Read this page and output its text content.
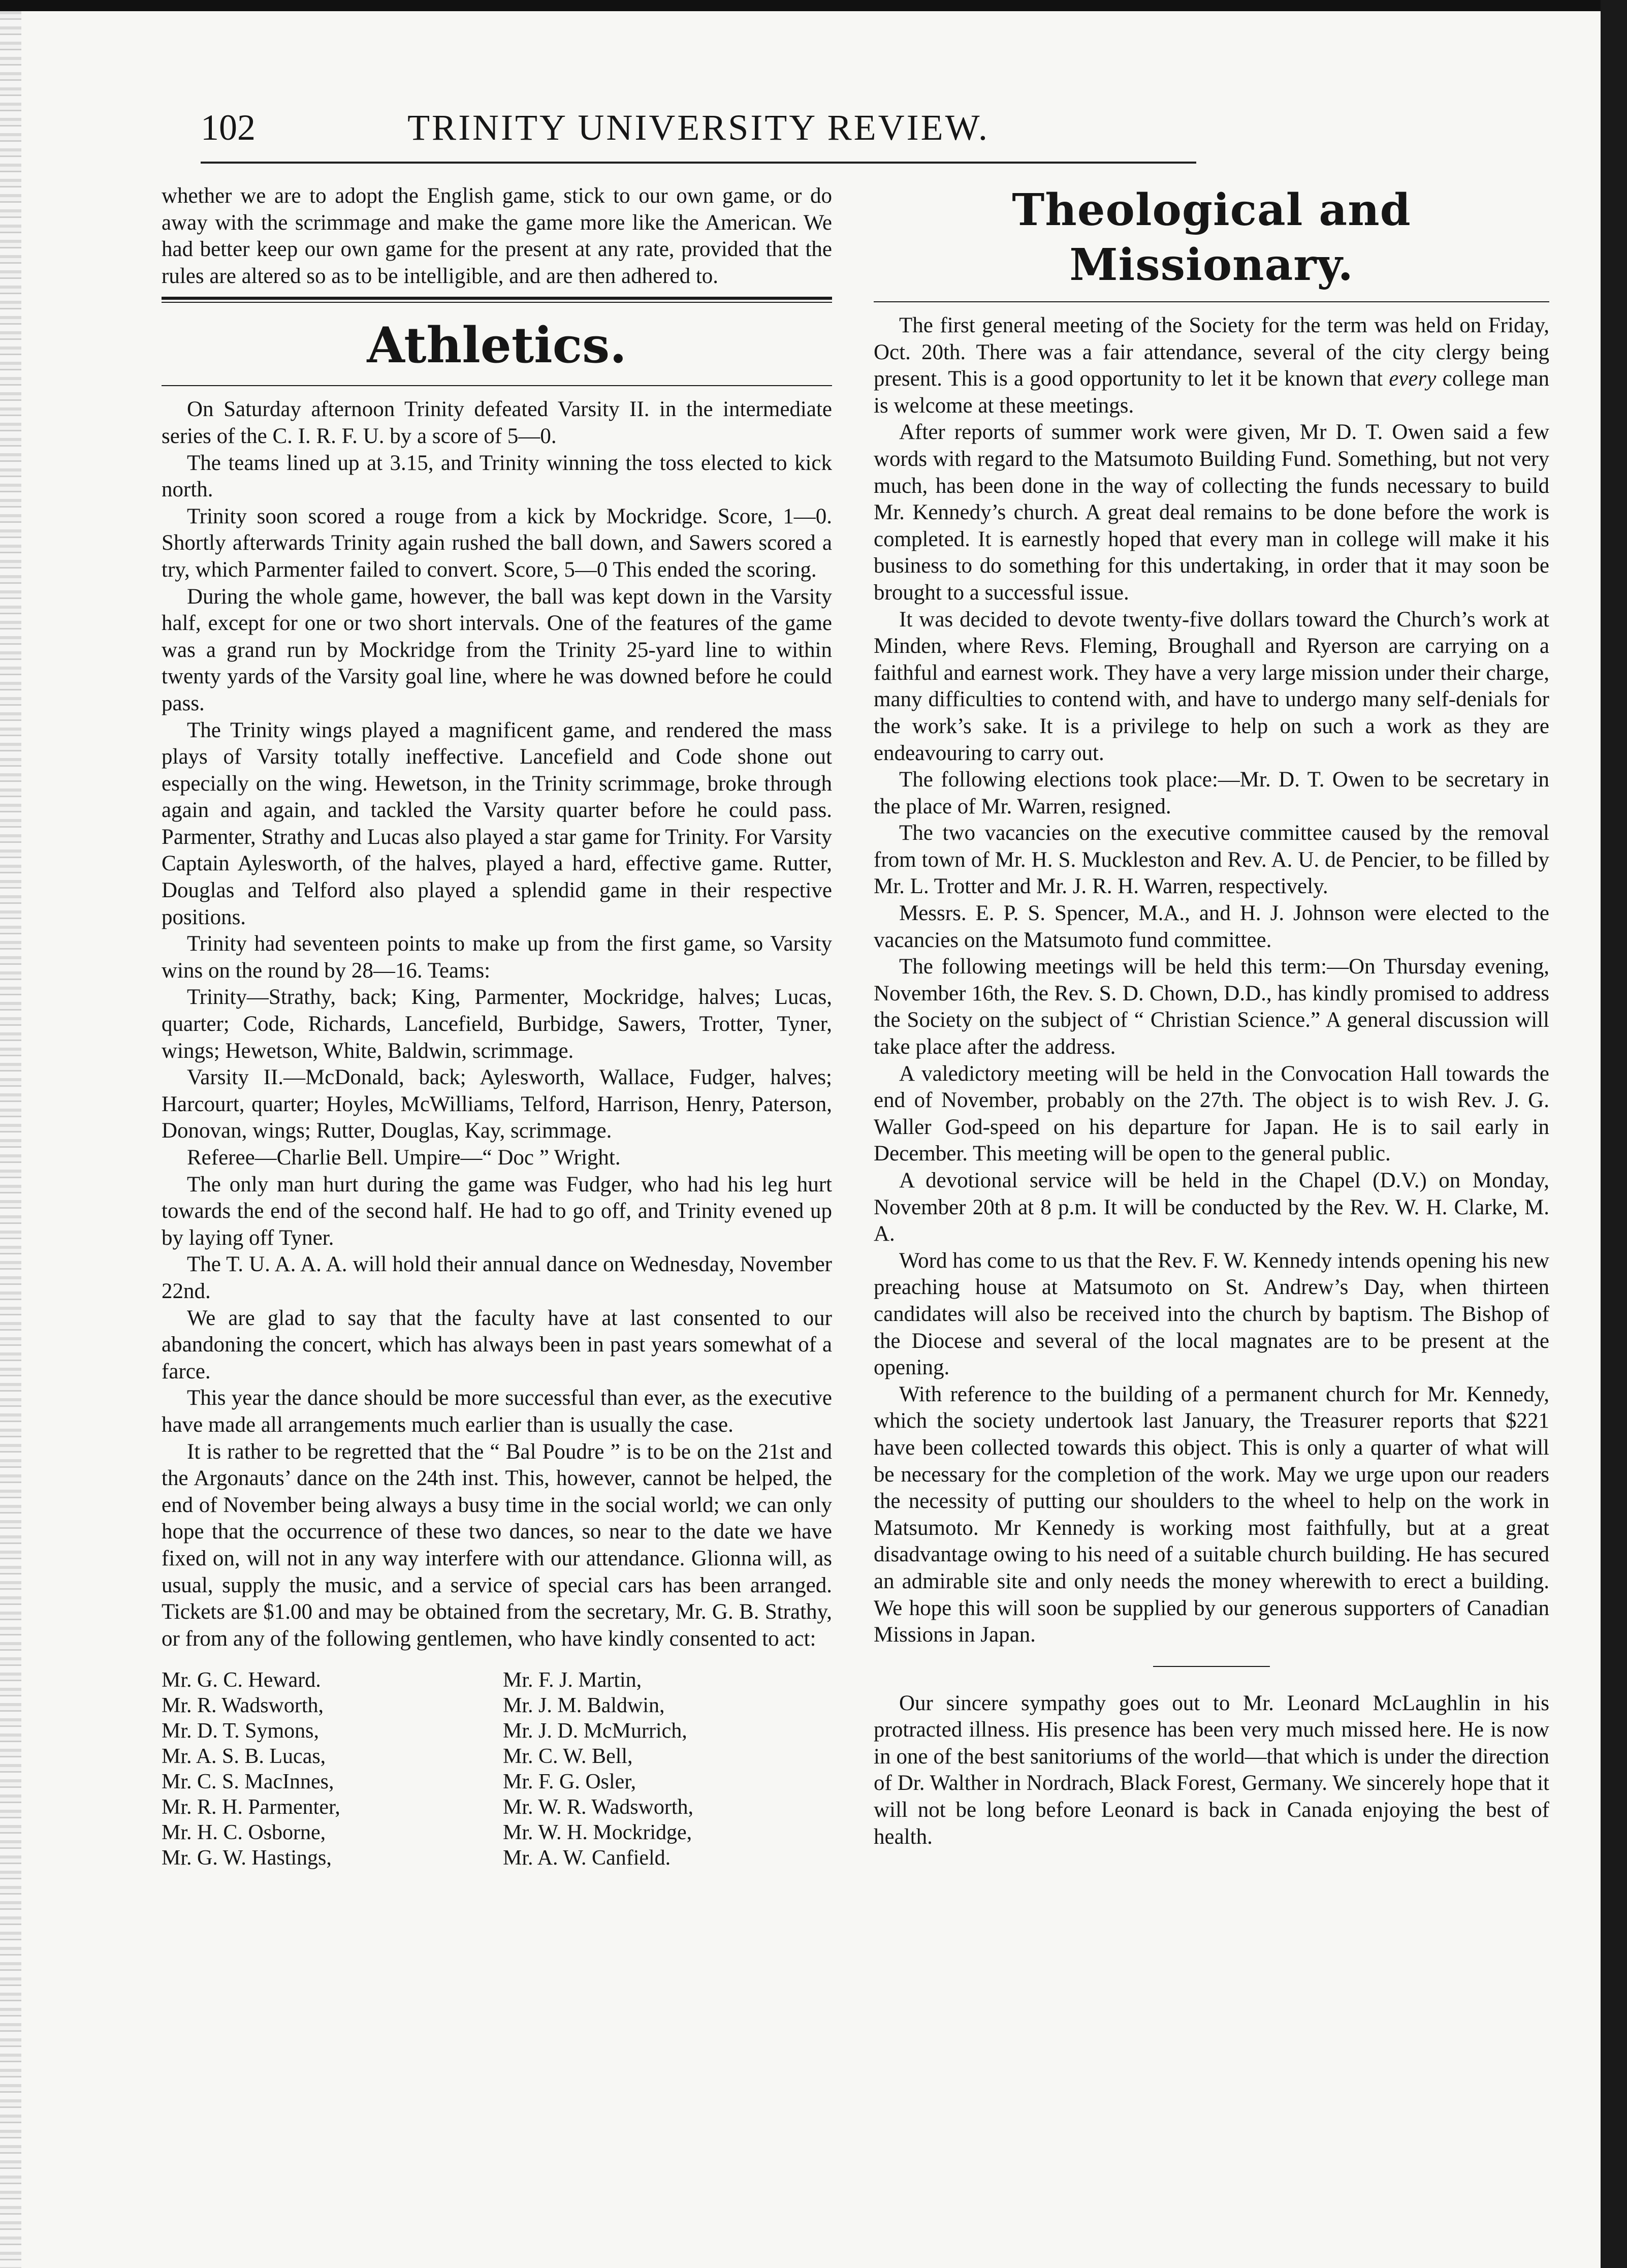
TRINITY UNIVERSITY REVIEW.
102

whether we are to adopt the English game, stick to our own game, or do away with the scrimmage and make the game more like the American. We had better keep our own game for the present at any rate, provided that the rules are altered so as to be intelligible, and are then adhered to.

Athletics.

On Saturday afternoon Trinity defeated Varsity II. in the intermediate series of the C. I. R. F. U. by a score of 5—0.

The teams lined up at 3.15, and Trinity winning the toss elected to kick north.

Trinity soon scored a rouge from a kick by Mockridge. Score, 1—0. Shortly afterwards Trinity again rushed the ball down, and Sawers scored a try, which Parmenter failed to convert. Score, 5—0 This ended the scoring.

During the whole game, however, the ball was kept down in the Varsity half, except for one or two short intervals. One of the features of the game was a grand run by Mockridge from the Trinity 25-yard line to within twenty yards of the Varsity goal line, where he was downed before he could pass.

The Trinity wings played a magnificent game, and rendered the mass plays of Varsity totally ineffective. Lancefield and Code shone out especially on the wing. Hewetson, in the Trinity scrimmage, broke through again and again, and tackled the Varsity quarter before he could pass. Parmenter, Strathy and Lucas also played a star game for Trinity. For Varsity Captain Aylesworth, of the halves, played a hard, effective game. Rutter, Douglas and Telford also played a splendid game in their respective positions.

Trinity had seventeen points to make up from the first game, so Varsity wins on the round by 28—16. Teams:

Trinity—Strathy, back; King, Parmenter, Mockridge, halves; Lucas, quarter; Code, Richards, Lancefield, Burbidge, Sawers, Trotter, Tyner, wings; Hewetson, White, Baldwin, scrimmage.

Varsity II.—McDonald, back; Aylesworth, Wallace, Fudger, halves; Harcourt, quarter; Hoyles, McWilliams, Telford, Harrison, Henry, Paterson, Donovan, wings; Rutter, Douglas, Kay, scrimmage.

Referee—Charlie Bell. Umpire—“ Doc ” Wright.

The only man hurt during the game was Fudger, who had his leg hurt towards the end of the second half. He had to go off, and Trinity evened up by laying off Tyner.

The T. U. A. A. A. will hold their annual dance on Wednesday, November 22nd.

We are glad to say that the faculty have at last consented to our abandoning the concert, which has always been in past years somewhat of a farce.

This year the dance should be more successful than ever, as the executive have made all arrangements much earlier than is usually the case.

It is rather to be regretted that the “ Bal Poudre ” is to be on the 21st and the Argonauts’ dance on the 24th inst. This, however, cannot be helped, the end of November being always a busy time in the social world; we can only hope that the occurrence of these two dances, so near to the date we have fixed on, will not in any way interfere with our attendance. Glionna will, as usual, supply the music, and a service of special cars has been arranged. Tickets are $1.00 and may be obtained from the secretary, Mr. G. B. Strathy, or from any of the following gentlemen, who have kindly consented to act:

Mr. G. C. Heward.	Mr. F. J. Martin,
Mr. R. Wadsworth,	Mr. J. M. Baldwin,
Mr. D. T. Symons,	Mr. J. D. McMurrich,
Mr. A. S. B. Lucas,	Mr. C. W. Bell,
Mr. C. S. MacInnes,	Mr. F. G. Osler,
Mr. R. H. Parmenter,	Mr. W. R. Wadsworth,
Mr. H. C. Osborne,	Mr. W. H. Mockridge,
Mr. G. W. Hastings,	Mr. A. W. Canfield.
Theological and Missionary.

The first general meeting of the Society for the term was held on Friday, Oct. 20th. There was a fair attendance, several of the city clergy being present. This is a good opportunity to let it be known that every college man is welcome at these meetings.

After reports of summer work were given, Mr D. T. Owen said a few words with regard to the Matsumoto Building Fund. Something, but not very much, has been done in the way of collecting the funds necessary to build Mr. Kennedy’s church. A great deal remains to be done before the work is completed. It is earnestly hoped that every man in college will make it his business to do something for this undertaking, in order that it may soon be brought to a successful issue.

It was decided to devote twenty-five dollars toward the Church’s work at Minden, where Revs. Fleming, Broughall and Ryerson are carrying on a faithful and earnest work. They have a very large mission under their charge, many difficulties to contend with, and have to undergo many self-denials for the work’s sake. It is a privilege to help on such a work as they are endeavouring to carry out.

The following elections took place:—Mr. D. T. Owen to be secretary in the place of Mr. Warren, resigned.

The two vacancies on the executive committee caused by the removal from town of Mr. H. S. Muckleston and Rev. A. U. de Pencier, to be filled by Mr. L. Trotter and Mr. J. R. H. Warren, respectively.

Messrs. E. P. S. Spencer, M.A., and H. J. Johnson were elected to the vacancies on the Matsumoto fund committee.

The following meetings will be held this term:—On Thursday evening, November 16th, the Rev. S. D. Chown, D.D., has kindly promised to address the Society on the subject of “ Christian Science.” A general discussion will take place after the address.

A valedictory meeting will be held in the Convocation Hall towards the end of November, probably on the 27th. The object is to wish Rev. J. G. Waller God-speed on his departure for Japan. He is to sail early in December. This meeting will be open to the general public.

A devotional service will be held in the Chapel (D.V.) on Monday, November 20th at 8 p.m. It will be conducted by the Rev. W. H. Clarke, M. A.

Word has come to us that the Rev. F. W. Kennedy intends opening his new preaching house at Matsumoto on St. Andrew’s Day, when thirteen candidates will also be received into the church by baptism. The Bishop of the Diocese and several of the local magnates are to be present at the opening.

With reference to the building of a permanent church for Mr. Kennedy, which the society undertook last January, the Treasurer reports that $221 have been collected towards this object. This is only a quarter of what will be necessary for the completion of the work. May we urge upon our readers the necessity of putting our shoulders to the wheel to help on the work in Matsumoto. Mr Kennedy is working most faithfully, but at a great disadvantage owing to his need of a suitable church building. He has secured an admirable site and only needs the money wherewith to erect a building. We hope this will soon be supplied by our generous supporters of Canadian Missions in Japan.

Our sincere sympathy goes out to Mr. Leonard McLaughlin in his protracted illness. His presence has been very much missed here. He is now in one of the best sanitoriums of the world—that which is under the direction of Dr. Walther in Nordrach, Black Forest, Germany. We sincerely hope that it will not be long before Leonard is back in Canada enjoying the best of health.
